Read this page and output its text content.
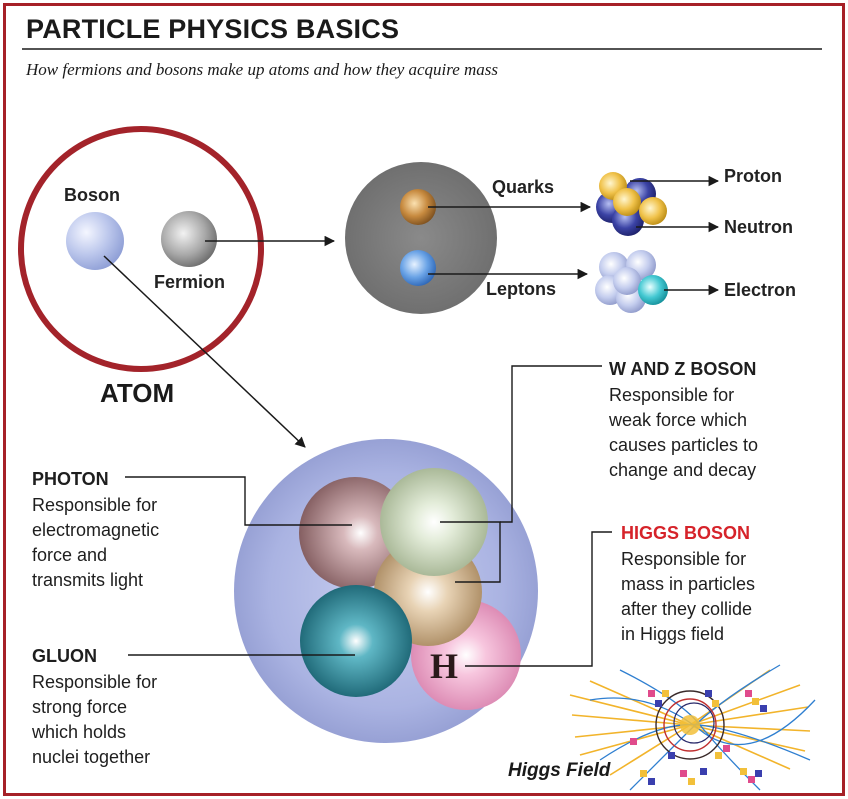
PARTICLE PHYSICS BASICS
How fermions and bosons make up atoms and how they acquire mass
Boson
Fermion
ATOM
Quarks
Leptons
Proton
Neutron
Electron
PHOTON
Responsible for
electromagnetic
force and
transmits light
GLUON
Responsible for
strong force
which holds
nuclei together
W AND Z BOSON
Responsible for
weak force which
causes particles to
change and decay
HIGGS BOSON
Responsible for
mass in particles
after they collide
in Higgs field
H
Higgs Field
